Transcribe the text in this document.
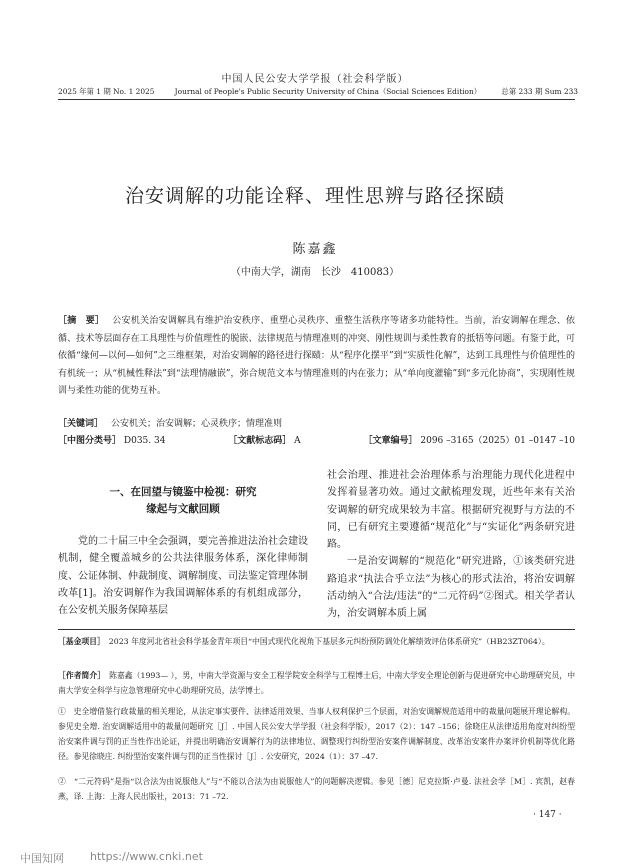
中国人民公安大学学报（社会科学版）
2025 年第 1 期 No. 1 2025	Journal of People's Public Security University of China（Social Sciences Edition）	总第 233 期 Sum 233
治安调解的功能诠释、理性思辨与路径探赜
陈嘉鑫
（中南大学，湖南　长沙　410083）
［摘　要］ 公安机关治安调解具有维护治安秩序、重塑心灵秩序、重整生活秩序等诸多功能特性。当前，治安调解在理念、依循、技术等层面存在工具理性与价值理性的脱嵌、法律规范与情理准则的冲突、刚性规训与柔性教育的抵牾等问题。有鉴于此，可依循“缘何—以何—如何”之三维框架，对治安调解的路径进行探赜：从“程序化摆平”到“实质性化解”，达到工具理性与价值理性的有机统一；从“机械性释法”到“法理情融嵌”，弥合规范文本与情理准则的内在张力；从“单向度灌输”到“多元化协商”，实现刚性规训与柔性功能的优势互补。
［关键词］ 公安机关；治安调解；心灵秩序；情理准则
［中图分类号］ D035. 34	［文献标志码］ A	［文章编号］ 2096 –3165（2025）01 –0147 –10
一、在回望与镜鉴中检视：研究
缘起与文献回顾

党的二十届三中全会强调，要完善推进法治社会建设机制，健全覆盖城乡的公共法律服务体系，深化律师制度、公证体制、仲裁制度、调解制度、司法鉴定管理体制改革[1]。治安调解作为我国调解体系的有机组成部分，在公安机关服务保障基层

社会治理、推进社会治理体系与治理能力现代化进程中发挥着显著功效。通过文献梳理发现，近些年来有关治安调解的研究成果较为丰富。根据研究视野与方法的不同，已有研究主要遵循“规范化”与“实证化”两条研究进路。

一是治安调解的“规范化”研究进路，①该类研究进路追求“执法合乎立法”为核心的形式法治，将治安调解活动纳入“合法/违法”的“二元符码”②图式。相关学者认为，治安调解本质上属

［基金项目］ 2023 年度河北省社会科学基金青年项目“中国式现代化视角下基层多元纠纷预防调处化解绩效评估体系研究”（HB23ZT064）。
［作者简介］ 陈嘉鑫（1993— ），男，中南大学资源与安全工程学院安全科学与工程博士后，中南大学安全理论创新与促进研究中心助理研究员，中南大学安全科学与应急管理研究中心助理研究员，法学博士。
①　史全增借鉴行政裁量的相关理论，从法定事实要件、法律适用效果、当事人权利保护三个层面，对治安调解规范适用中的裁量问题展开理论解构。参见史全增. 治安调解适用中的裁量问题研究［J］. 中国人民公安大学学报（社会科学版），2017（2）：147 –156；徐晓庄从法律适用角度对纠纷型治安案件调与罚的正当性作出论证，并提出明确治安调解行为的法律地位、调整现行纠纷型治安案件调解制度、改革治安案件办案评价机制等优化路径。参见徐晓庄. 纠纷型治安案件调与罚的正当性探讨［J］. 公安研究，2024（1）：37 –47.
②　“二元符码”是指“以合法为由说服他人”与“不能以合法为由说服他人”的问题解决逻辑。参见［德］尼克拉斯·卢曼. 法社会学［M］. 宾凯，赵春燕，译. 上海：上海人民出版社，2013：71 –72.
· 147 ·
中国知网 https://www.cnki.net
